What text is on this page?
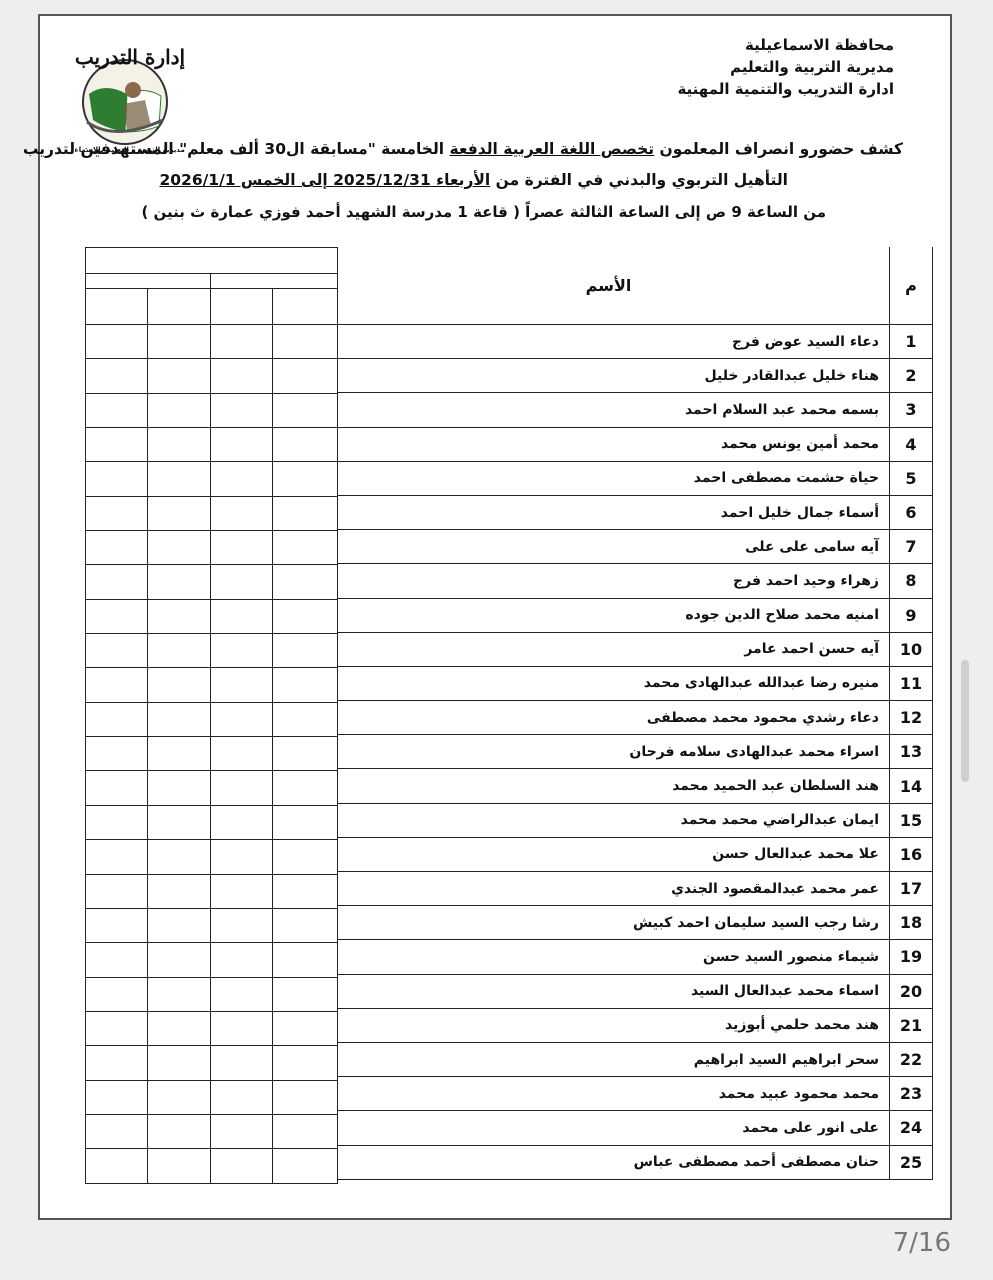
محافظة الاسماعيلية
مديرية التربية والتعليم
ادارة التدريب والتنمية المهنية
إدارة التدريب
مديرية التربية و التعليم بالإسماع	كشف حضورو انصراف المعلمون تخصص اللغة العربية الدفعة الخامسة "مسابقة ال30 ألف معلم" المستهدفين لتدريب
التأهيل التربوي والبدني في الفترة من الأربعاء 2025/12/31 إلى الخمس 2026/1/1
من الساعة 9 ص إلى الساعة الثالثة عصراً ( قاعة 1 مدرسة الشهيد أحمد فوزي عمارة ث بنين )

الأسم	م
دعاء السيد عوض فرج	1
هناء خليل عبدالقادر خليل	2
بسمه محمد عبد السلام احمد	3
محمد أمين يونس محمد	4
حياة حشمت مصطفى احمد	5
أسماء جمال خليل احمد	6
آيه سامى على على	7
زهراء وحيد احمد فرج	8
امنيه محمد صلاح الدين جوده	9
آيه حسن احمد عامر	10
منيره رضا عبدالله عبدالهادى محمد	11
دعاء رشدي محمود محمد مصطفى	12
اسراء محمد عبدالهادى سلامه فرحان	13
هند السلطان عبد الحميد محمد	14
ايمان عبدالراضي محمد محمد	15
علا محمد عبدالعال حسن	16
عمر محمد عبدالمقصود الجندي	17
رشا رجب السيد سليمان احمد كبيش	18
شيماء منصور السيد حسن	19
اسماء محمد عبدالعال السيد	20
هند محمد حلمي أبوزيد	21
سحر ابراهيم السيد ابراهيم	22
محمد محمود عبيد محمد	23
على انور على محمد	24
حنان مصطفى أحمد مصطفى عباس	25
7/16
